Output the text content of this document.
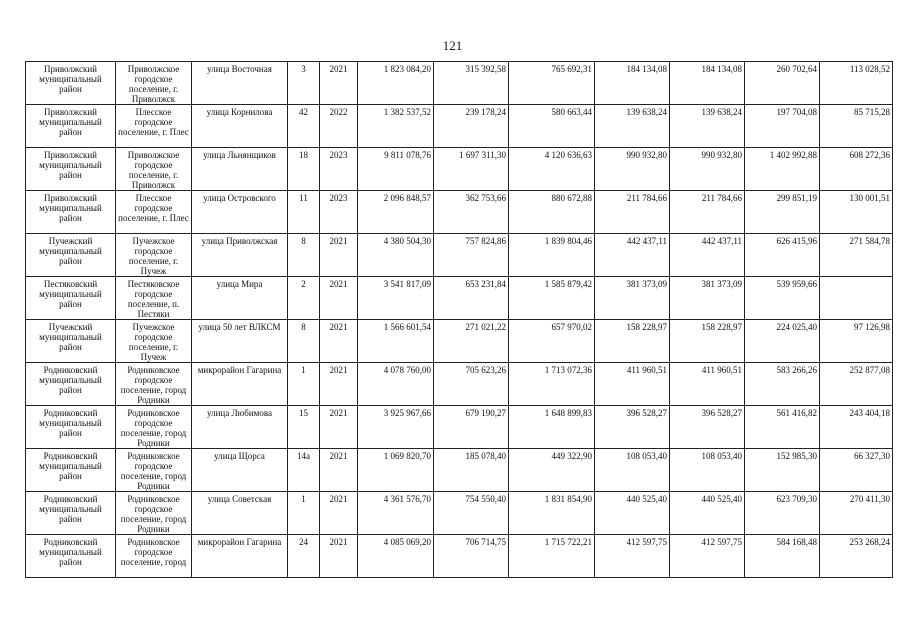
121
Приволжский муниципальный район	Приволжское городское поселение, г. Приволжск	улица Восточная	3	2021	1 823 084,20	315 392,58	765 692,31	184 134,08	184 134,08	260 702,64	113 028,52
Приволжский муниципальный район	Плесское городское поселение, г. Плес	улица Корнилова	42	2022	1 382 537,52	239 178,24	580 663,44	139 638,24	139 638,24	197 704,08	85 715,28
Приволжский муниципальный район	Приволжское городское поселение, г. Приволжск	улица Льнянщиков	18	2023	9 811 078,76	1 697 311,30	4 120 636,63	990 932,80	990 932,80	1 402 992,88	608 272,36
Приволжский муниципальный район	Плесское городское поселение, г. Плес	улица Островского	11	2023	2 096 848,57	362 753,66	880 672,88	211 784,66	211 784,66	299 851,19	130 001,51
Пучежский муниципальный район	Пучежское городское поселение, г. Пучеж	улица Приволжская	8	2021	4 380 504,30	757 824,86	1 839 804,46	442 437,11	442 437,11	626 415,96	271 584,78
Пестяковский муниципальный район	Пестяковское городское поселение, п. Пестяки	улица Мира	2	2021	3 541 817,09	653 231,84	1 585 879,42	381 373,09	381 373,09	539 959,66	
Пучежский муниципальный район	Пучежское городское поселение, г. Пучеж	улица 50 лет ВЛКСМ	8	2021	1 566 601,54	271 021,22	657 970,02	158 228,97	158 228,97	224 025,40	97 126,98
Родниковский муниципальный район	Родниковское городское поселение, город Родники	микрорайон Гагарина	1	2021	4 078 760,00	705 623,26	1 713 072,36	411 960,51	411 960,51	583 266,26	252 877,08
Родниковский муниципальный район	Родниковское городское поселение, город Родники	улица Любимова	15	2021	3 925 967,66	679 190,27	1 648 899,83	396 528,27	396 528,27	561 416,82	243 404,18
Родниковский муниципальный район	Родниковское городское поселение, город Родники	улица Щорса	14а	2021	1 069 820,70	185 078,40	449 322,90	108 053,40	108 053,40	152 985,30	66 327,30
Родниковский муниципальный район	Родниковское городское поселение, город Родники	улица Советская	1	2021	4 361 576,70	754 550,40	1 831 854,90	440 525,40	440 525,40	623 709,30	270 411,30
Родниковский муниципальный район	Родниковское городское поселение, город	микрорайон Гагарина	24	2021	4 085 069,20	706 714,75	1 715 722,21	412 597,75	412 597,75	584 168,48	253 268,24
